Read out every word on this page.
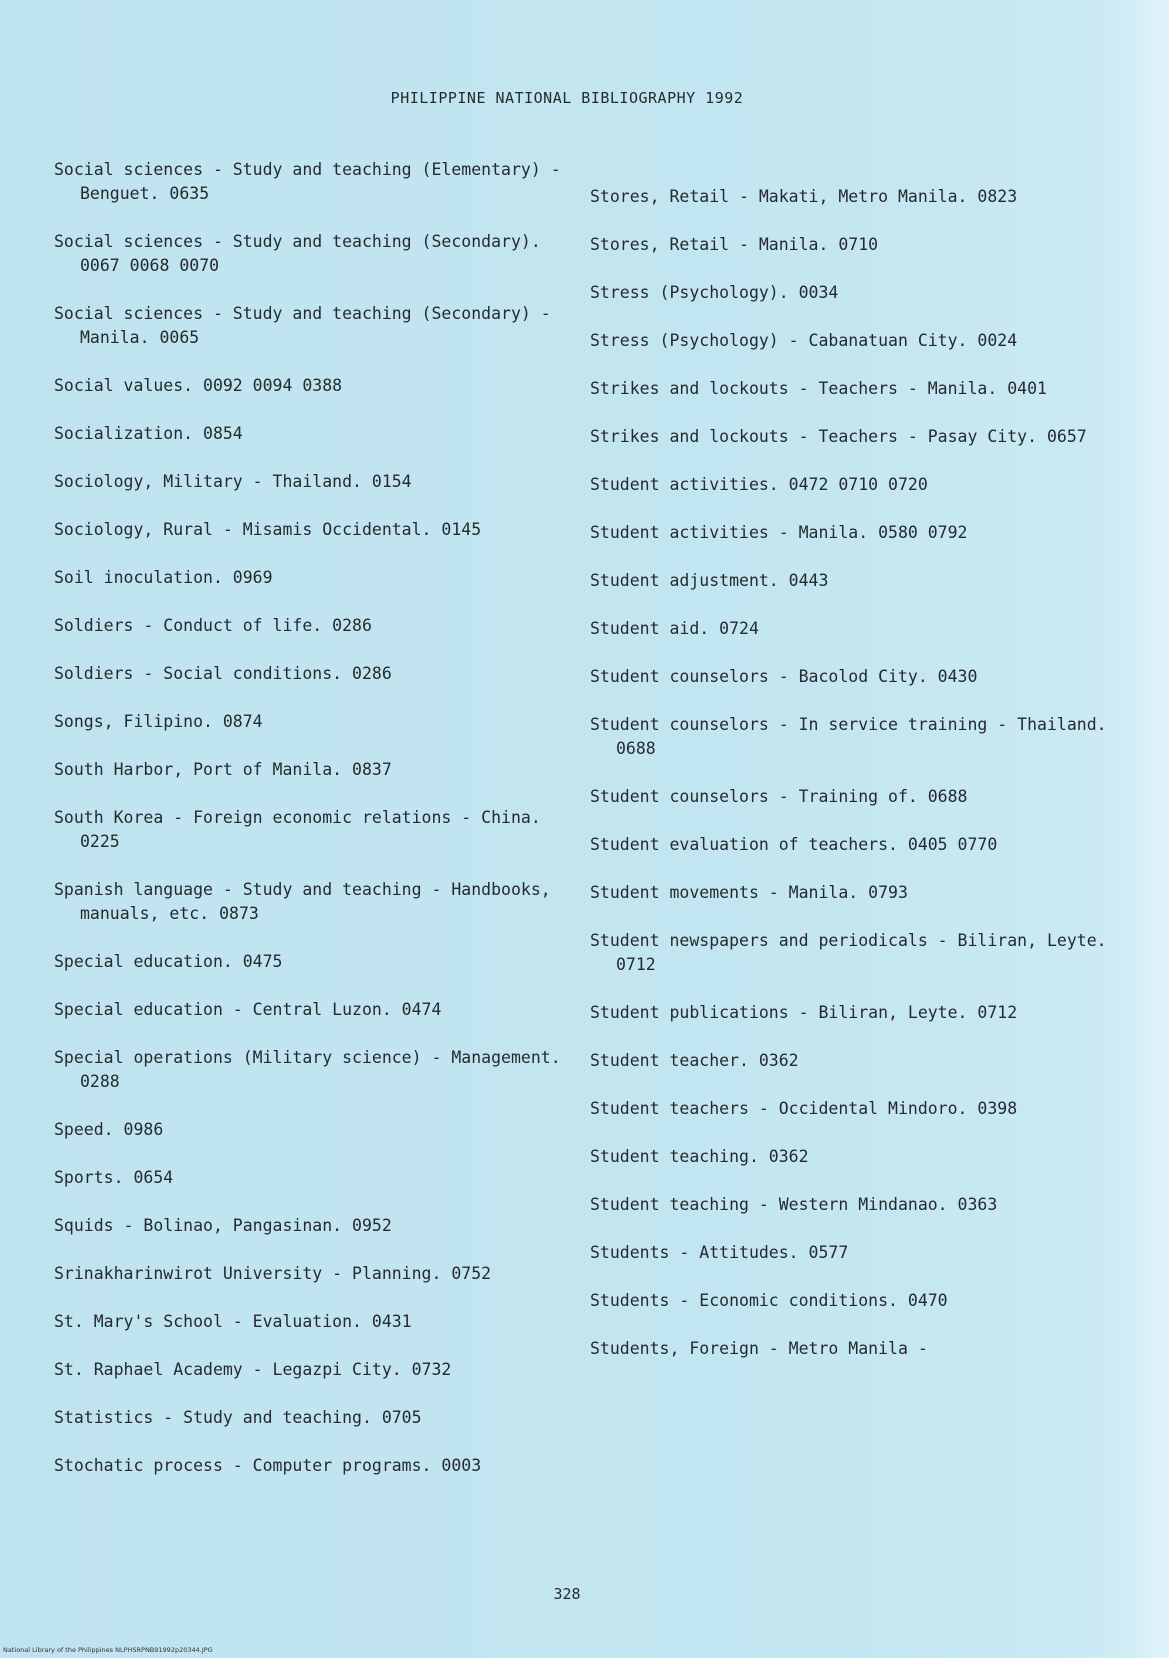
PHILIPPINE NATIONAL BIBLIOGRAPHY 1992

Social sciences - Study and teaching (Elementary) - Benguet. 0635

Social sciences - Study and teaching (Secondary). 0067 0068 0070

Social sciences - Study and teaching (Secondary) - Manila. 0065

Social values. 0092 0094 0388

Socialization. 0854

Sociology, Military - Thailand. 0154

Sociology, Rural - Misamis Occidental. 0145

Soil inoculation. 0969

Soldiers - Conduct of life. 0286

Soldiers - Social conditions. 0286

Songs, Filipino. 0874

South Harbor, Port of Manila. 0837

South Korea - Foreign economic relations - China. 0225

Spanish language - Study and teaching - Handbooks, manuals, etc. 0873

Special education. 0475

Special education - Central Luzon. 0474

Special operations (Military science) - Management. 0288

Speed. 0986

Sports. 0654

Squids - Bolinao, Pangasinan. 0952

Srinakharinwirot University - Planning. 0752

St. Mary's School - Evaluation. 0431

St. Raphael Academy - Legazpi City. 0732

Statistics - Study and teaching. 0705

Stochatic process - Computer programs. 0003

Stores, Retail - Makati, Metro Manila. 0823

Stores, Retail - Manila. 0710

Stress (Psychology). 0034

Stress (Psychology) - Cabanatuan City. 0024

Strikes and lockouts - Teachers - Manila. 0401

Strikes and lockouts - Teachers - Pasay City. 0657

Student activities. 0472 0710 0720

Student activities - Manila. 0580 0792

Student adjustment. 0443

Student aid. 0724

Student counselors - Bacolod City. 0430

Student counselors - In service training - Thailand. 0688

Student counselors - Training of. 0688

Student evaluation of teachers. 0405 0770

Student movements - Manila. 0793

Student newspapers and periodicals - Biliran, Leyte. 0712

Student publications - Biliran, Leyte. 0712

Student teacher. 0362

Student teachers - Occidental Mindoro. 0398

Student teaching. 0362

Student teaching - Western Mindanao. 0363

Students - Attitudes. 0577

Students - Economic conditions. 0470

Students, Foreign - Metro Manila -

328
National Library of the Philippines NLPHSRPNB91992p20344.JPG
